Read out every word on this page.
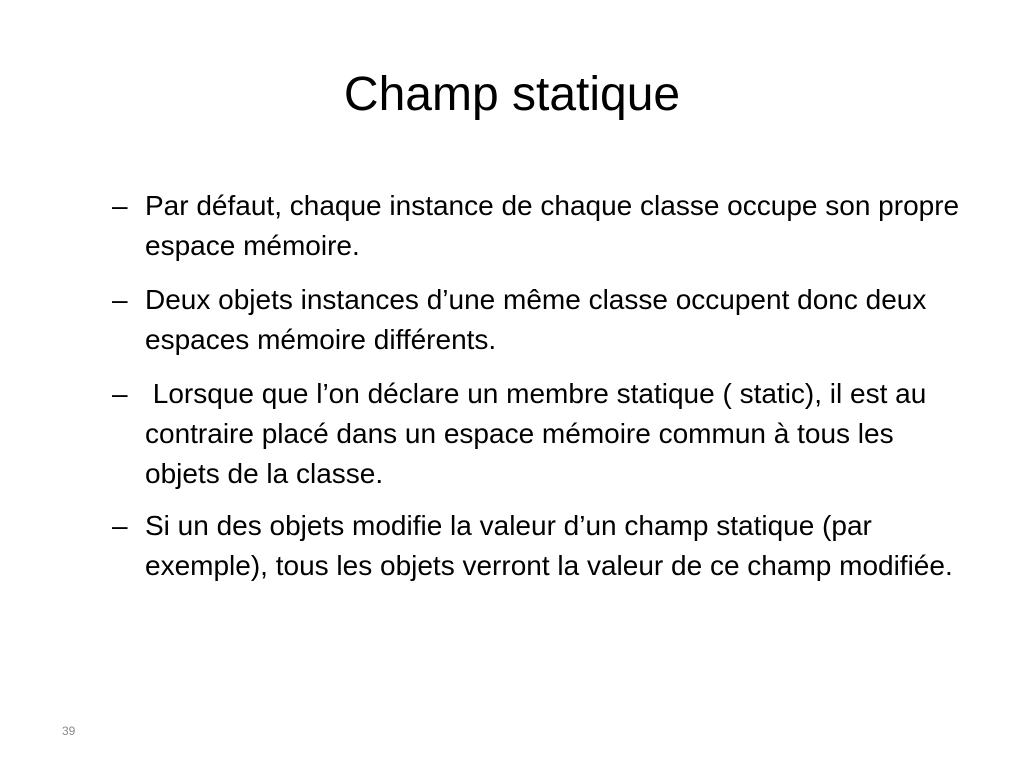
Champ statique
– Par défaut, chaque instance de chaque classe occupe son propre espace mémoire.
– Deux objets instances d’une même classe occupent donc deux espaces mémoire différents.
– Lorsque que l’on déclare un membre statique ( static), il est au contraire placé dans un espace mémoire commun à tous les objets de la classe.
– Si un des objets modifie la valeur d’un champ statique (par exemple), tous les objets verront la valeur de ce champ modifiée.
39
